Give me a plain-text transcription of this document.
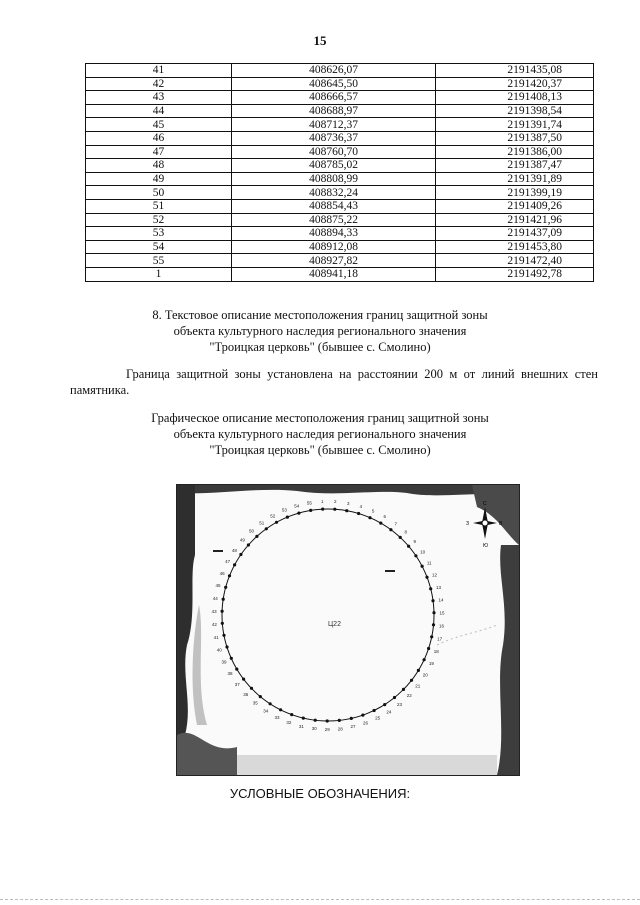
15
41	408626,07	2191435,08
42	408645,50	2191420,37
43	408666,57	2191408,13
44	408688,97	2191398,54
45	408712,37	2191391,74
46	408736,37	2191387,50
47	408760,70	2191386,00
48	408785,02	2191387,47
49	408808,99	2191391,89
50	408832,24	2191399,19
51	408854,43	2191409,26
52	408875,22	2191421,96
53	408894,33	2191437,09
54	408912,08	2191453,80
55	408927,82	2191472,40
1	408941,18	2191492,78
8. Текстовое описание местоположения границ защитной зоны
объекта культурного наследия регионального значения
"Троицкая церковь" (бывшее с. Смолино)
Граница защитной зоны установлена на расстоянии 200 м от линий внешних стен памятника.
Графическое описание местоположения границ защитной зоны
объекта культурного наследия регионального значения
"Троицкая церковь" (бывшее с. Смолино)
1 2 3
4
5
6
7
8
9
10
11
12
13
14
15
16
17
18
19
20
21
22
23
24
25
26
27
28
29
30
31
32
33
34
35
36
37
38
39
40
41
42
43
44
45
46
47
48
49
50
51
52
53
54
55
Ц22
С
Ю
В
З
УСЛОВНЫЕ ОБОЗНАЧЕНИЯ:
